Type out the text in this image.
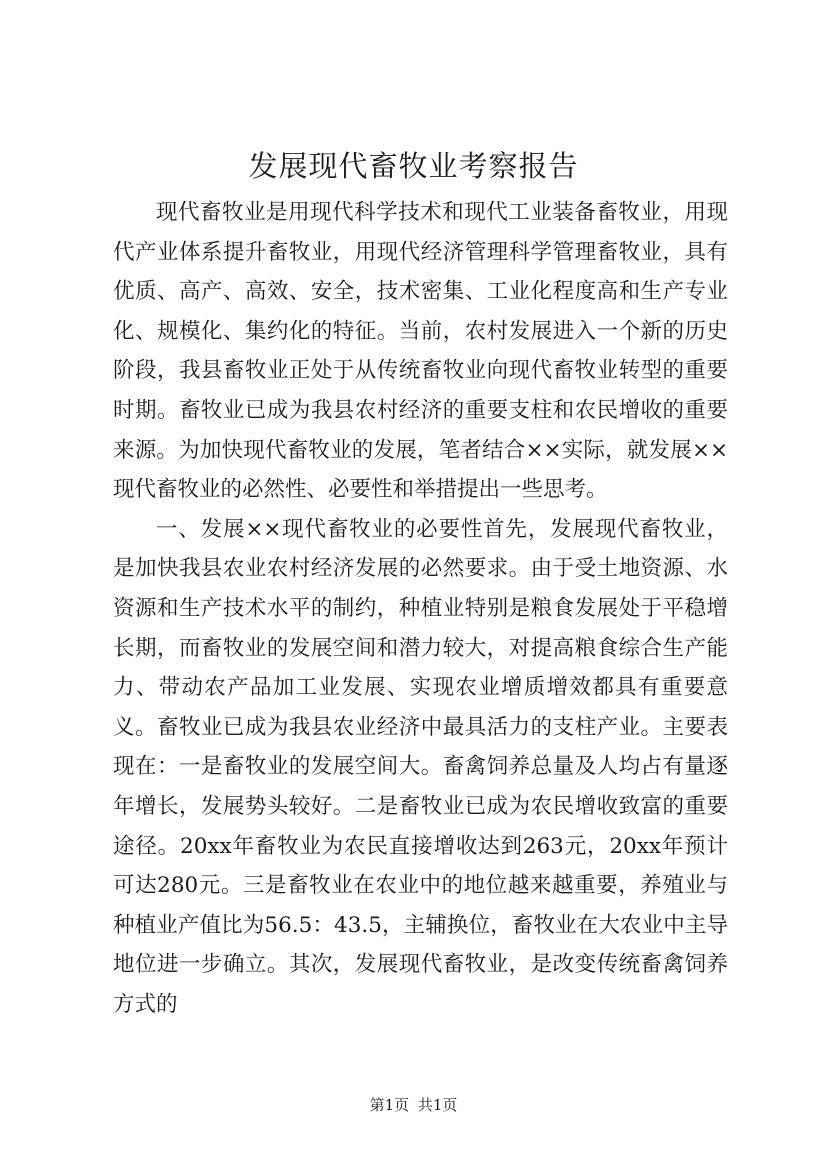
发展现代畜牧业考察报告

现代畜牧业是用现代科学技术和现代工业装备畜牧业，用现代产业体系提升畜牧业，用现代经济管理科学管理畜牧业，具有优质、高产、高效、安全，技术密集、工业化程度高和生产专业化、规模化、集约化的特征。当前，农村发展进入一个新的历史阶段，我县畜牧业正处于从传统畜牧业向现代畜牧业转型的重要时期。畜牧业已成为我县农村经济的重要支柱和农民增收的重要来源。为加快现代畜牧业的发展，笔者结合××实际，就发展××现代畜牧业的必然性、必要性和举措提出一些思考。

一、发展××现代畜牧业的必要性首先，发展现代畜牧业，是加快我县农业农村经济发展的必然要求。由于受土地资源、水资源和生产技术水平的制约，种植业特别是粮食发展处于平稳增长期，而畜牧业的发展空间和潜力较大，对提高粮食综合生产能力、带动农产品加工业发展、实现农业增质增效都具有重要意义。畜牧业已成为我县农业经济中最具活力的支柱产业。主要表现在：一是畜牧业的发展空间大。畜禽饲养总量及人均占有量逐年增长，发展势头较好。二是畜牧业已成为农民增收致富的重要途径。20xx年畜牧业为农民直接增收达到263元，20xx年预计可达280元。三是畜牧业在农业中的地位越来越重要，养殖业与种植业产值比为56.5：43.5，主辅换位，畜牧业在大农业中主导地位进一步确立。其次，发展现代畜牧业，是改变传统畜禽饲养方式的

第1页 共1页
